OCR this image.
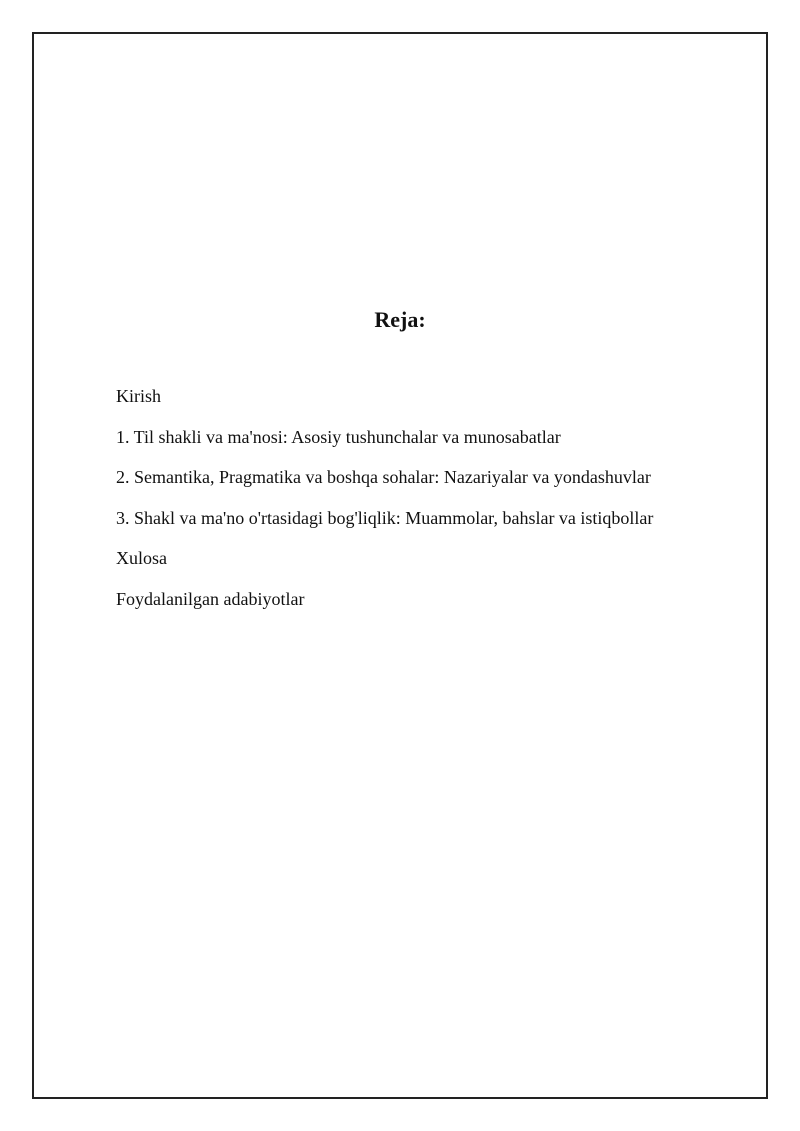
Reja:
Kirish
1. Til shakli va ma'nosi: Asosiy tushunchalar va munosabatlar
2. Semantika, Pragmatika va boshqa sohalar: Nazariyalar va yondashuvlar
3. Shakl va ma'no o'rtasidagi bog'liqlik: Muammolar, bahslar va istiqbollar
Xulosa
Foydalanilgan adabiyotlar
